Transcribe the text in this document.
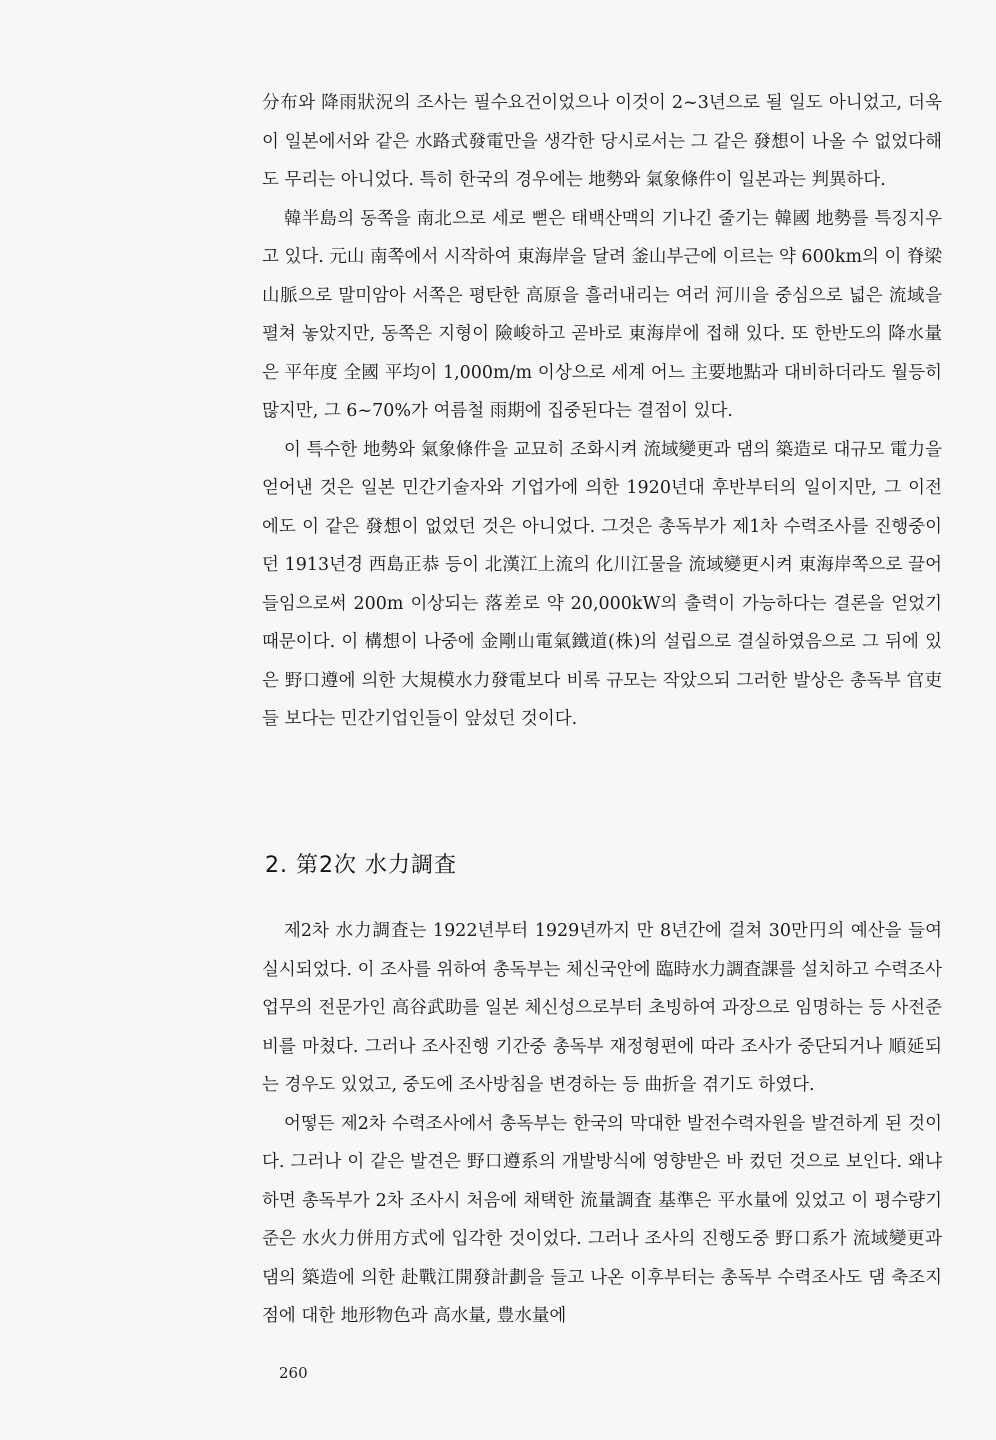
分布와 降雨狀況의 조사는 필수요건이었으나 이것이 2~3년으로 될 일도 아니었고, 더욱이 일본에서와 같은 水路式發電만을 생각한 당시로서는 그 같은 發想이 나올 수 없었다해도 무리는 아니었다. 특히 한국의 경우에는 地勢와 氣象條件이 일본과는 判異하다.

韓半島의 동쪽을 南北으로 세로 뻗은 태백산맥의 기나긴 줄기는 韓國 地勢를 특징지우고 있다. 元山 南쪽에서 시작하여 東海岸을 달려 釜山부근에 이르는 약 600km의 이 脊梁山脈으로 말미암아 서쪽은 평탄한 高原을 흘러내리는 여러 河川을 중심으로 넓은 流域을 펼쳐 놓았지만, 동쪽은 지형이 險峻하고 곧바로 東海岸에 접해 있다. 또 한반도의 降水量은 平年度 全國 平均이 1,000m/m 이상으로 세계 어느 主要地點과 대비하더라도 월등히 많지만, 그 6~70%가 여름철 雨期에 집중된다는 결점이 있다.

이 특수한 地勢와 氣象條件을 교묘히 조화시켜 流域變更과 댐의 築造로 대규모 電力을 얻어낸 것은 일본 민간기술자와 기업가에 의한 1920년대 후반부터의 일이지만, 그 이전에도 이 같은 發想이 없었던 것은 아니었다. 그것은 총독부가 제1차 수력조사를 진행중이던 1913년경 西島正恭 등이 北漢江上流의 化川江물을 流域變更시켜 東海岸쪽으로 끌어들임으로써 200m 이상되는 落差로 약 20,000kW의 출력이 가능하다는 결론을 얻었기 때문이다. 이 構想이 나중에 金剛山電氣鐵道(株)의 설립으로 결실하였음으로 그 뒤에 있은 野口遵에 의한 大規模水力發電보다 비록 규모는 작았으되 그러한 발상은 총독부 官吏들 보다는 민간기업인들이 앞섰던 것이다.

2. 第2次 水力調査

제2차 水力調査는 1922년부터 1929년까지 만 8년간에 걸쳐 30만円의 예산을 들여 실시되었다. 이 조사를 위하여 총독부는 체신국안에 臨時水力調査課를 설치하고 수력조사업무의 전문가인 高谷武助를 일본 체신성으로부터 초빙하여 과장으로 임명하는 등 사전준비를 마쳤다. 그러나 조사진행 기간중 총독부 재정형편에 따라 조사가 중단되거나 順延되는 경우도 있었고, 중도에 조사방침을 변경하는 등 曲折을 겪기도 하였다.

어떻든 제2차 수력조사에서 총독부는 한국의 막대한 발전수력자원을 발견하게 된 것이다. 그러나 이 같은 발견은 野口遵系의 개발방식에 영향받은 바 컸던 것으로 보인다. 왜냐하면 총독부가 2차 조사시 처음에 채택한 流量調査 基準은 平水量에 있었고 이 평수량기준은 水火力併用方式에 입각한 것이었다. 그러나 조사의 진행도중 野口系가 流域變更과 댐의 築造에 의한 赴戰江開發計劃을 들고 나온 이후부터는 총독부 수력조사도 댐 축조지점에 대한 地形物色과 高水量, 豊水量에

260
